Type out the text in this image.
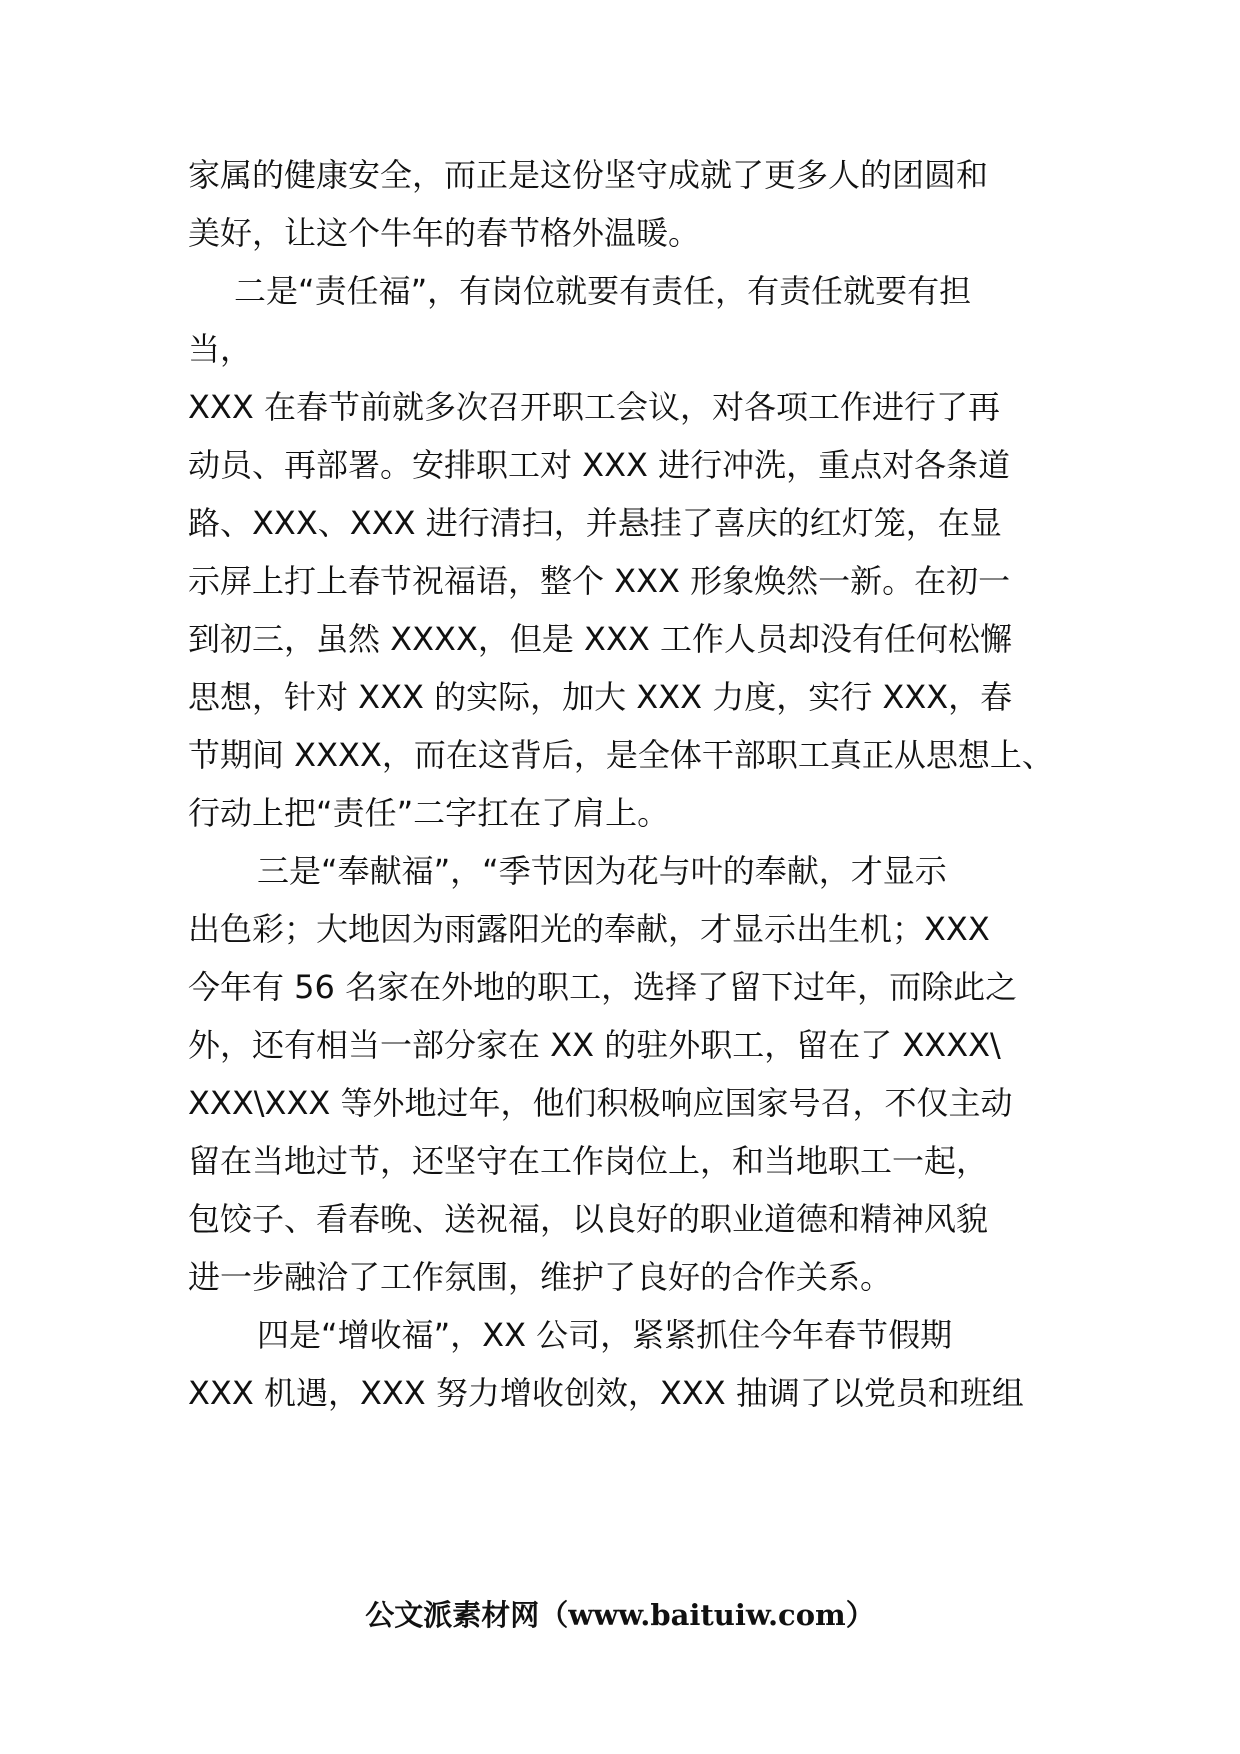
家属的健康安全，而正是这份坚守成就了更多人的团圆和
美好，让这个牛年的春节格外温暖。
二是“责任福”，有岗位就要有责任，有责任就要有担
当，
XXX 在春节前就多次召开职工会议，对各项工作进行了再
动员、再部署。安排职工对 XXX 进行冲洗，重点对各条道
路、XXX、XXX 进行清扫，并悬挂了喜庆的红灯笼，在显
示屏上打上春节祝福语，整个 XXX 形象焕然一新。在初一
到初三，虽然 XXXX，但是 XXX 工作人员却没有任何松懈
思想，针对 XXX 的实际，加大 XXX 力度，实行 XXX，春
节期间 XXXX，而在这背后，是全体干部职工真正从思想上、
行动上把“责任”二字扛在了肩上。
三是“奉献福”，“季节因为花与叶的奉献，才显示
出色彩；大地因为雨露阳光的奉献，才显示出生机；XXX
今年有 56 名家在外地的职工，选择了留下过年，而除此之
外，还有相当一部分家在 XX 的驻外职工，留在了 XXXX\
XXX\XXX 等外地过年，他们积极响应国家号召，不仅主动
留在当地过节，还坚守在工作岗位上，和当地职工一起，
包饺子、看春晚、送祝福，以良好的职业道德和精神风貌
进一步融洽了工作氛围，维护了良好的合作关系。
四是“增收福”，XX 公司，紧紧抓住今年春节假期
XXX 机遇，XXX 努力增收创效，XXX 抽调了以党员和班组
公文派素材网（www.baituiw.com）
